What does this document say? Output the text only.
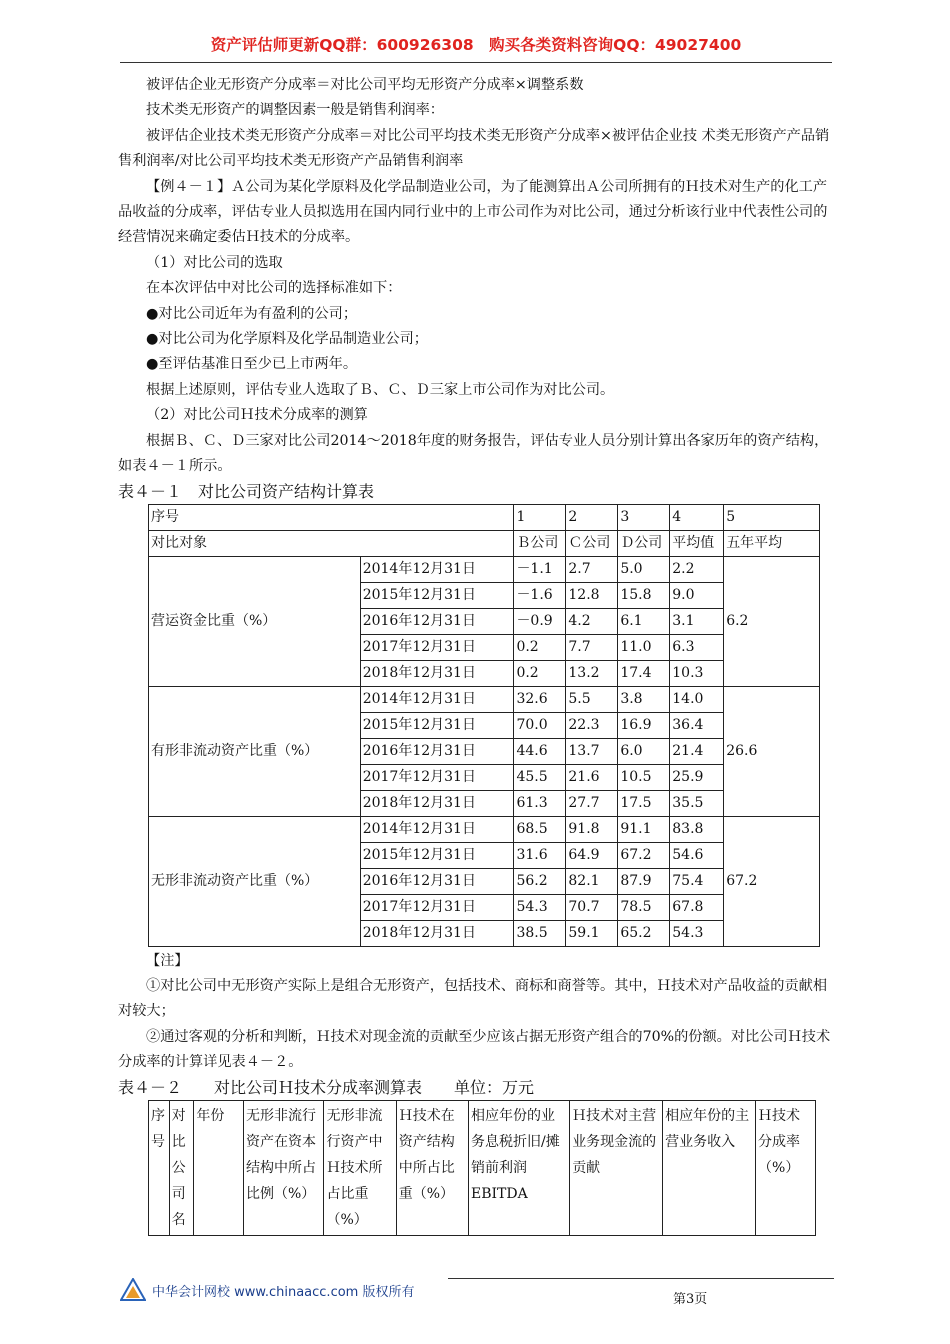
资产评估师更新QQ群：600926308　购买各类资料咨询QQ：49027400

被评估企业无形资产分成率＝对比公司平均无形资产分成率×调整系数

技术类无形资产的调整因素一般是销售利润率：

被评估企业技术类无形资产分成率＝对比公司平均技术类无形资产分成率×被评估企业技 术类无形资产产品销售利润率/对比公司平均技术类无形资产产品销售利润率

【例４－１】Ａ公司为某化学原料及化学品制造业公司，为了能测算出Ａ公司所拥有的Ｈ技术对生产的化工产品收益的分成率，评估专业人员拟选用在国内同行业中的上市公司作为对比公司，通过分析该行业中代表性公司的经营情况来确定委估Ｈ技术的分成率。

（1）对比公司的选取

在本次评估中对比公司的选择标准如下：

●对比公司近年为有盈利的公司；

●对比公司为化学原料及化学品制造业公司；

●至评估基准日至少已上市两年。

根据上述原则，评估专业人选取了Ｂ、Ｃ、Ｄ三家上市公司作为对比公司。

（2）对比公司Ｈ技术分成率的测算

根据Ｂ、Ｃ、Ｄ三家对比公司2014～2018年度的财务报告，评估专业人员分别计算出各家历年的资产结构，如表４－１所示。

表４－１　对比公司资产结构计算表

序号		1	2	3	4	5
对比对象		Ｂ公司	Ｃ公司	Ｄ公司	平均值	五年平均
营运资金比重（%）	2014年12月31日	－1.1	2.7	5.0	2.2	6.2
	2015年12月31日	－1.6	12.8	15.8	9.0	
	2016年12月31日	－0.9	4.2	6.1	3.1	
	2017年12月31日	0.2	7.7	11.0	6.3	
	2018年12月31日	0.2	13.2	17.4	10.3	
有形非流动资产比重（%）	2014年12月31日	32.6	5.5	3.8	14.0	26.6
	2015年12月31日	70.0	22.3	16.9	36.4	
	2016年12月31日	44.6	13.7	6.0	21.4	
	2017年12月31日	45.5	21.6	10.5	25.9	
	2018年12月31日	61.3	27.7	17.5	35.5	
无形非流动资产比重（%）	2014年12月31日	68.5	91.8	91.1	83.8	67.2
	2015年12月31日	31.6	64.9	67.2	54.6	
	2016年12月31日	56.2	82.1	87.9	75.4	
	2017年12月31日	54.3	70.7	78.5	67.8	
	2018年12月31日	38.5	59.1	65.2	54.3	

【注】

①对比公司中无形资产实际上是组合无形资产，包括技术、商标和商誉等。其中，Ｈ技术对产品收益的贡献相对较大；

②通过客观的分析和判断，Ｈ技术对现金流的贡献至少应该占据无形资产组合的70%的份额。对比公司Ｈ技术分成率的计算详见表４－２。

表４－２　　对比公司Ｈ技术分成率测算表　　单位：万元

序号	对比公司名	年份	无形非流行资产在资本结构中所占比例（%）	无形非流行资产中Ｈ技术所占比重（%）	Ｈ技术在资产结构中所占比重（%）	相应年份的业务息税折旧/摊销前利润EBITDA	Ｈ技术对主营业务现金流的贡献	相应年份的主营业务收入	Ｈ技术分成率（%）
中华会计网校 www.chinaacc.com 版权所有	第3页
